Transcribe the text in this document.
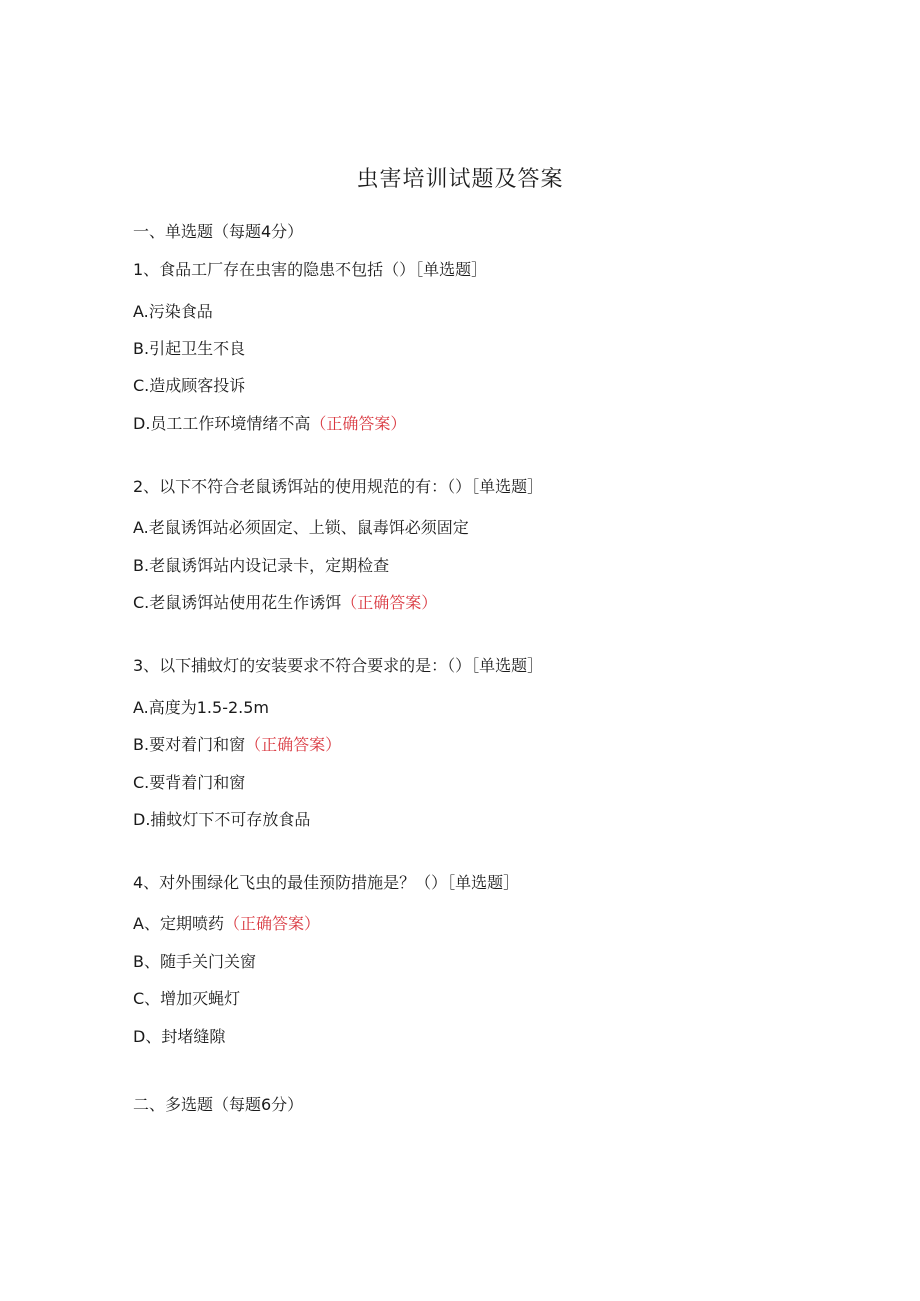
虫害培训试题及答案
一、单选题（每题4分）
1、食品工厂存在虫害的隐患不包括（）［单选题］
A.污染食品
B.引起卫生不良
C.造成顾客投诉
D.员工工作环境情绪不高（正确答案）
2、以下不符合老鼠诱饵站的使用规范的有：（）［单选题］
A.老鼠诱饵站必须固定、上锁、鼠毒饵必须固定
B.老鼠诱饵站内设记录卡，定期检查
C.老鼠诱饵站使用花生作诱饵（正确答案）
3、以下捕蚊灯的安装要求不符合要求的是：（）［单选题］
A.高度为1.5-2.5m
B.要对着门和窗（正确答案）
C.要背着门和窗
D.捕蚊灯下不可存放食品
4、对外围绿化飞虫的最佳预防措施是？（）［单选题］
A、定期喷药（正确答案）
B、随手关门关窗
C、增加灭蝇灯
D、封堵缝隙
二、多选题（每题6分）
